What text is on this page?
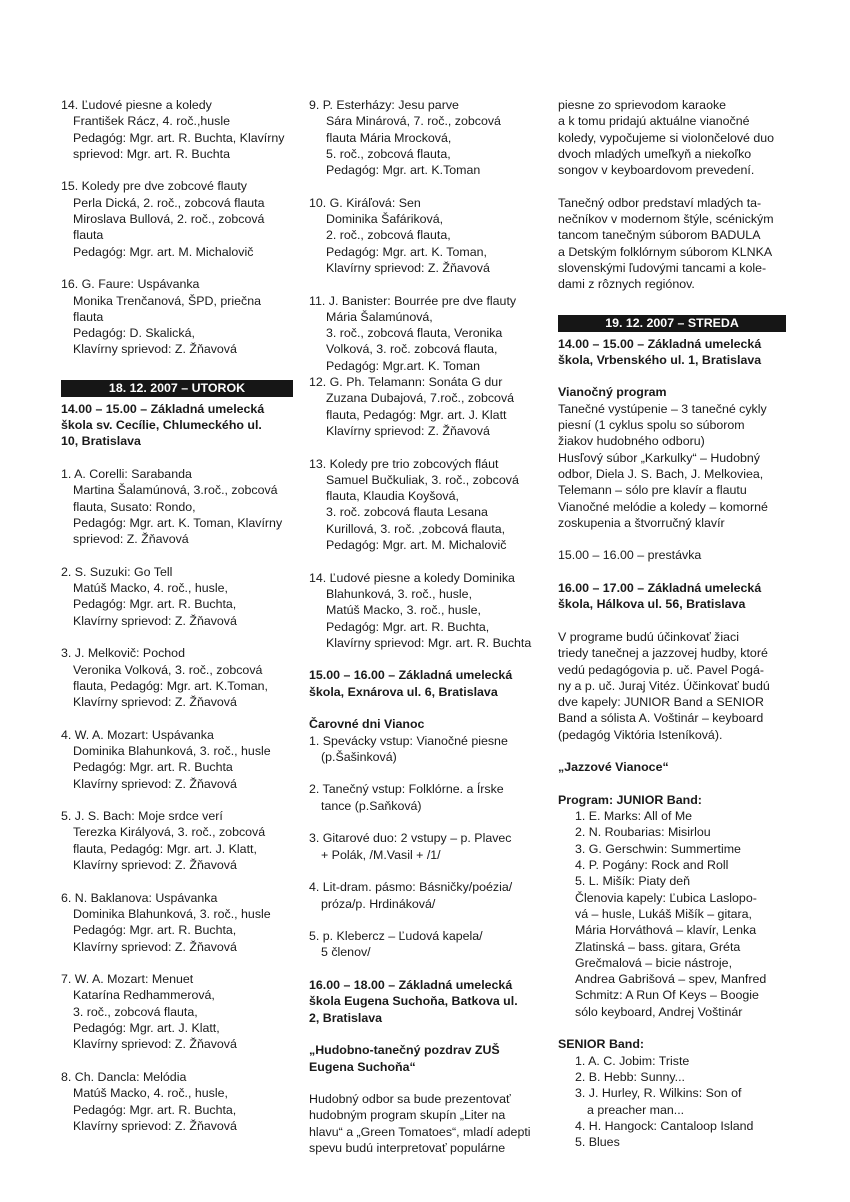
14. Ľudové piesne a koledy
František Rácz, 4. roč.,husle
Pedagóg: Mgr. art. R. Buchta, Klavírny
sprievod: Mgr. art. R. Buchta
15. Koledy pre dve zobcové flauty
Perla Dická, 2. roč., zobcová flauta
Miroslava Bullová, 2. roč., zobcová
flauta
Pedagóg: Mgr. art. M. Michalovič
16. G. Faure: Uspávanka
Monika Trenčanová, ŠPD, priečna
flauta
Pedagóg: D. Skalická,
Klavírny sprievod: Z. Žňavová
18. 12. 2007 – UTOROK
14.00 – 15.00 – Základná umelecká
škola sv. Cecílie, Chlumeckého ul.
10, Bratislava
1. A. Corelli: Sarabanda
Martina Šalamúnová, 3.roč., zobcová
flauta, Susato: Rondo,
Pedagóg: Mgr. art. K. Toman, Klavírny
sprievod: Z. Žňavová
2. S. Suzuki: Go Tell
Matúš Macko, 4. roč., husle,
Pedagóg: Mgr. art. R. Buchta,
Klavírny sprievod: Z. Žňavová
3. J. Melkovič: Pochod
Veronika Volková, 3. roč., zobcová
flauta, Pedagóg: Mgr. art. K.Toman,
Klavírny sprievod: Z. Žňavová
4. W. A. Mozart: Uspávanka
Dominika Blahunková, 3. roč., husle
Pedagóg: Mgr. art. R. Buchta
Klavírny sprievod: Z. Žňavová
5. J. S. Bach: Moje srdce verí
Terezka Királyová, 3. roč., zobcová
flauta, Pedagóg: Mgr. art. J. Klatt,
Klavírny sprievod: Z. Žňavová
6. N. Baklanova: Uspávanka
Dominika Blahunková, 3. roč., husle
Pedagóg: Mgr. art. R. Buchta,
Klavírny sprievod: Z. Žňavová
7. W. A. Mozart: Menuet
Katarína Redhammerová,
3. roč., zobcová flauta,
Pedagóg: Mgr. art. J. Klatt,
Klavírny sprievod: Z. Žňavová
8. Ch. Dancla: Melódia
Matúš Macko, 4. roč., husle,
Pedagóg: Mgr. art. R. Buchta,
Klavírny sprievod: Z. Žňavová
9. P. Esterházy: Jesu parve
Sára Minárová, 7. roč., zobcová
flauta Mária Mrocková,
5. roč., zobcová flauta,
Pedagóg: Mgr. art. K.Toman
10. G. Kiráľová: Sen
Dominika Šafáriková,
2. roč., zobcová flauta,
Pedagóg: Mgr. art. K. Toman,
Klavírny sprievod: Z. Žňavová
11. J. Banister: Bourrée pre dve flauty
Mária Šalamúnová,
3. roč., zobcová flauta, Veronika
Volková, 3. roč. zobcová flauta,
Pedagóg: Mgr.art. K. Toman
12. G. Ph. Telamann: Sonáta G dur
Zuzana Dubajová, 7.roč., zobcová
flauta, Pedagóg: Mgr. art. J. Klatt
Klavírny sprievod: Z. Žňavová
13. Koledy pre trio zobcových fláut
Samuel Bučkuliak, 3. roč., zobcová
flauta, Klaudia Koyšová,
3. roč. zobcová flauta Lesana
Kurillová, 3. roč. ,zobcová flauta,
Pedagóg: Mgr. art. M. Michalovič
14. Ľudové piesne a koledy Dominika
Blahunková, 3. roč., husle,
Matúš Macko, 3. roč., husle,
Pedagóg: Mgr. art. R. Buchta,
Klavírny sprievod: Mgr. art. R. Buchta
15.00 – 16.00 – Základná umelecká
škola, Exnárova ul. 6, Bratislava
Čarovné dni Vianoc
1. Spevácky vstup: Vianočné piesne
(p.Šašinková)
2. Tanečný vstup: Folklórne. a Írske
tance (p.Saňková)
3. Gitarové duo: 2 vstupy – p. Plavec
+ Polák, /M.Vasil + /1/
4. Lit-dram. pásmo: Básničky/poézia/
próza/p. Hrdináková/
5. p. Klebercz – Ľudová kapela/
5 členov/
16.00 – 18.00 – Základná umelecká
škola Eugena Suchoňa, Batkova ul.
2, Bratislava
„Hudobno-tanečný pozdrav ZUŠ
Eugena Suchoňa“
Hudobný odbor sa bude prezentovať
hudobným program skupín „Liter na
hlavu“ a „Green Tomatoes“, mladí adepti
spevu budú interpretovať populárne
piesne zo sprievodom karaoke
a k tomu pridajú aktuálne vianočné
koledy, vypočujeme si violončelové duo
dvoch mladých umeľkyň a niekoľko
songov v keyboardovom prevedení.
Tanečný odbor predstaví mladých ta-
nečníkov v modernom štýle, scénickým
tancom tanečným súborom BADULA
a Detským folklórnym súborom KLNKA
slovenskými ľudovými tancami a kole-
dami z rôznych regiónov.
19. 12. 2007 – STREDA
14.00 – 15.00 – Základná umelecká
škola, Vrbenského ul. 1, Bratislava
Vianočný program
Tanečné vystúpenie – 3 tanečné cykly
piesní (1 cyklus spolu so súborom
žiakov hudobného odboru)
Husľový súbor „Karkulky“ – Hudobný
odbor, Diela J. S. Bach, J. Melkoviea,
Telemann – sólo pre klavír a flautu
Vianočné melódie a koledy – komorné
zoskupenia a štvorručný klavír
15.00 – 16.00 – prestávka
16.00 – 17.00 – Základná umelecká
škola, Hálkova ul. 56, Bratislava
V programe budú účinkovať žiaci
triedy tanečnej a jazzovej hudby, ktoré
vedú pedagógovia p. uč. Pavel Pogá-
ny a p. uč. Juraj Vitéz. Účinkovať budú
dve kapely: JUNIOR Band a SENIOR
Band a sólista A. Voštinár – keyboard
(pedagóg Viktória Isteníková).
„Jazzové Vianoce“
Program: JUNIOR Band:
1. E. Marks: All of Me
2. N. Roubarias: Misirlou
3. G. Gerschwin: Summertime
4. P. Pogány: Rock and Roll
5. L. Mišík: Piaty deň
Členovia kapely: Ľubica Laslopo-
vá – husle, Lukáš Mišík – gitara,
Mária Horváthová – klavír, Lenka
Zlatinská – bass. gitara, Gréta
Grečmalová – bicie nástroje,
Andrea Gabrišová – spev, Manfred
Schmitz: A Run Of Keys – Boogie
sólo keyboard, Andrej Voštinár
SENIOR Band:
1. A. C. Jobim: Triste
2. B. Hebb: Sunny...
3. J. Hurley, R. Wilkins: Son of
a preacher man...
4. H. Hangock: Cantaloop Island
5. Blues
